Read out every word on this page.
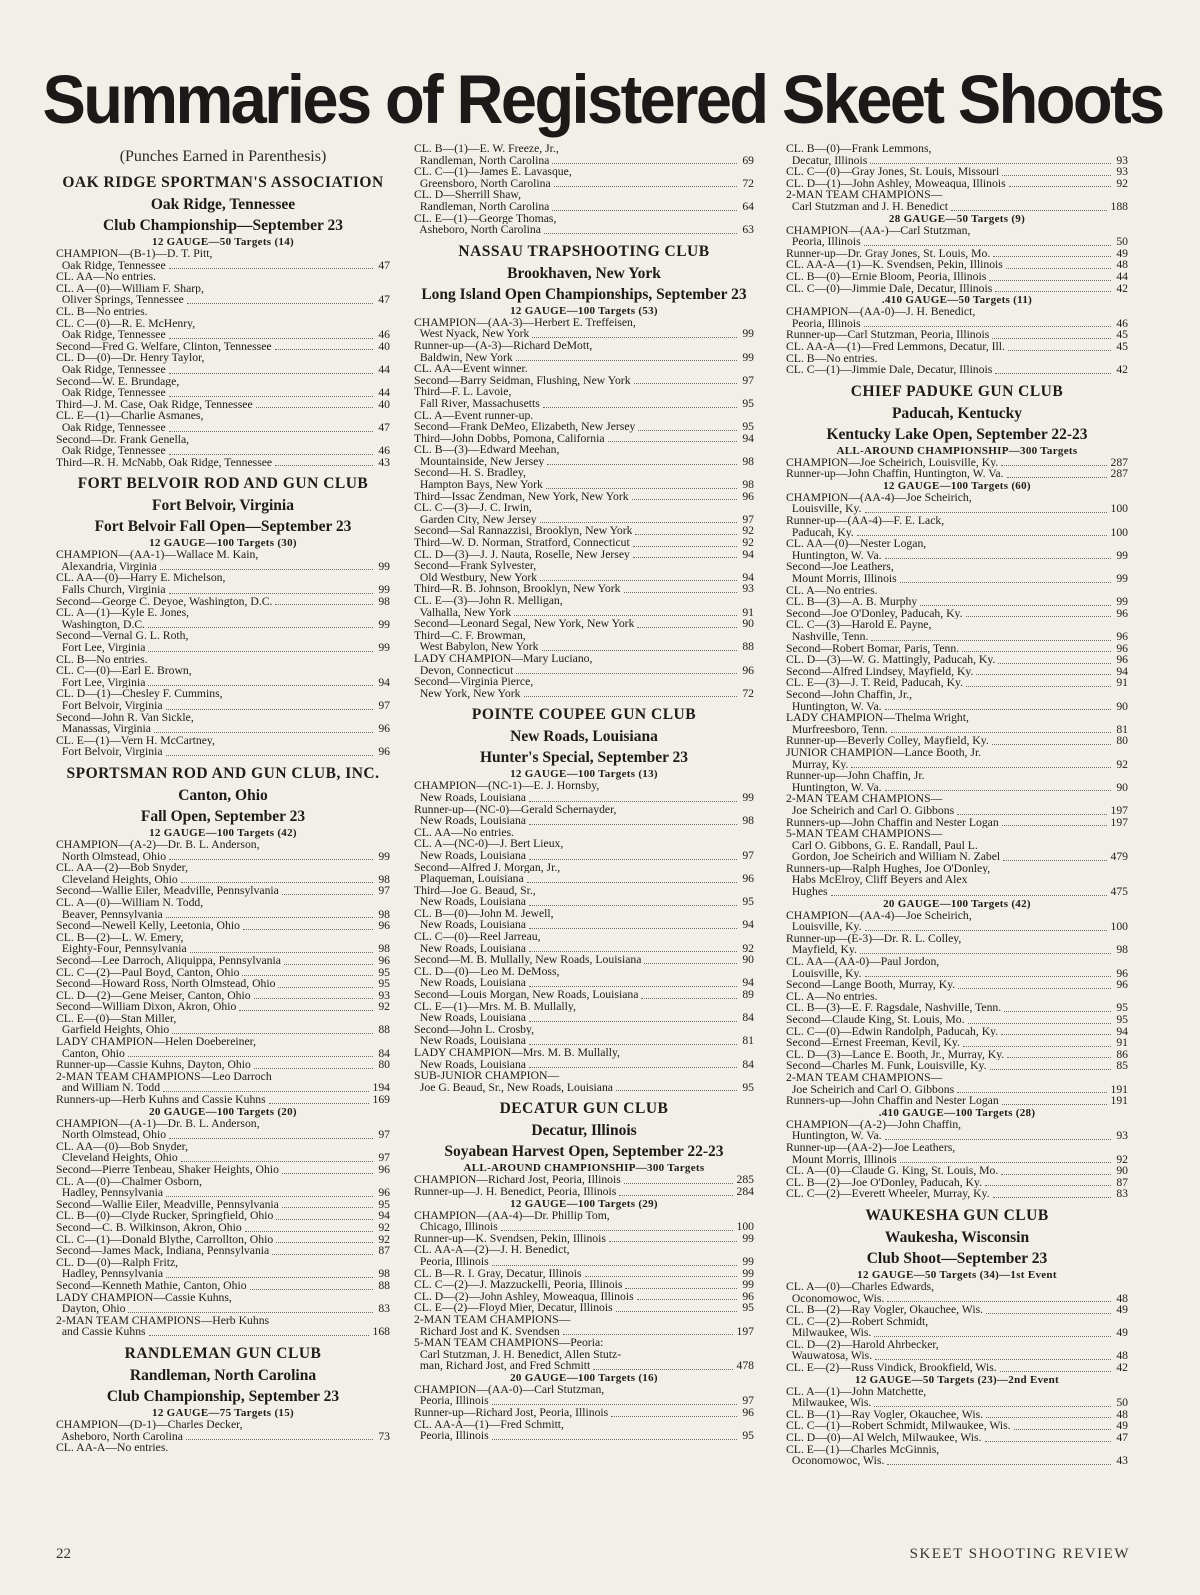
Summaries of Registered Skeet Shoots
(Punches Earned in Parenthesis)
OAK RIDGE SPORTMAN'S ASSOCIATION
Oak Ridge, Tennessee
Club Championship—September 23
12 GAUGE—50 Targets (14)
CHAMPION—(B-1)—D. T. Pitt,
Oak Ridge, Tennessee	47
CL. AA—No entries.
CL. A—(0)—William F. Sharp,
Oliver Springs, Tennessee	47
CL. B—No entries.
CL. C—(0)—R. E. McHenry,
Oak Ridge, Tennessee	46
Second—Fred G. Welfare, Clinton, Tennessee	40
CL. D—(0)—Dr. Henry Taylor,
Oak Ridge, Tennessee	44
Second—W. E. Brundage,
Oak Ridge, Tennessee	44
Third—J. M. Case, Oak Ridge, Tennessee	40
CL. E—(1)—Charlie Asmanes,
Oak Ridge, Tennessee	47
Second—Dr. Frank Genella,
Oak Ridge, Tennessee	46
Third—R. H. McNabb, Oak Ridge, Tennessee	43
FORT BELVOIR ROD AND GUN CLUB
Fort Belvoir, Virginia
Fort Belvoir Fall Open—September 23
12 GAUGE—100 Targets (30)
CHAMPION—(AA-1)—Wallace M. Kain,
Alexandria, Virginia	99
CL. AA—(0)—Harry E. Michelson,
Falls Church, Virginia	99
Second—George C. Deyoe, Washington, D.C.	98
CL. A—(1)—Kyle E. Jones,
Washington, D.C.	99
Second—Vernal G. L. Roth,
Fort Lee, Virginia	99
CL. B—No entries.
CL. C—(0)—Earl E. Brown,
Fort Lee, Virginia	94
CL. D—(1)—Chesley F. Cummins,
Fort Belvoir, Virginia	97
Second—John R. Van Sickle,
Manassas, Virginia	96
CL. E—(1)—Vern H. McCartney,
Fort Belvoir, Virginia	96
SPORTSMAN ROD AND GUN CLUB, INC.
Canton, Ohio
Fall Open, September 23
12 GAUGE—100 Targets (42)
CHAMPION—(A-2)—Dr. B. L. Anderson,
North Olmstead, Ohio	99
CL. AA—(2)—Bob Snyder,
Cleveland Heights, Ohio	98
Second—Wallie Eiler, Meadville, Pennsylvania	97
CL. A—(0)—William N. Todd,
Beaver, Pennsylvania	98
Second—Newell Kelly, Leetonia, Ohio	96
CL. B—(2)—L. W. Emery,
Eighty-Four, Pennsylvania	98
Second—Lee Darroch, Aliquippa, Pennsylvania	96
CL. C—(2)—Paul Boyd, Canton, Ohio	95
Second—Howard Ross, North Olmstead, Ohio	95
CL. D—(2)—Gene Meiser, Canton, Ohio	93
Second—William Dixon, Akron, Ohio	92
CL. E—(0)—Stan Miller,
Garfield Heights, Ohio	88
LADY CHAMPION—Helen Doebereiner,
Canton, Ohio	84
Runner-up—Cassie Kuhns, Dayton, Ohio	80
2-MAN TEAM CHAMPIONS—Leo Darroch
and William N. Todd	194
Runners-up—Herb Kuhns and Cassie Kuhns	169
20 GAUGE—100 Targets (20)
CHAMPION—(A-1)—Dr. B. L. Anderson,
North Olmstead, Ohio	97
CL. AA—(0)—Bob Snyder,
Cleveland Heights, Ohio	97
Second—Pierre Tenbeau, Shaker Heights, Ohio	96
CL. A—(0)—Chalmer Osborn,
Hadley, Pennsylvania	96
Second—Wallie Eiler, Meadville, Pennsylvania	95
CL. B—(0)—Clyde Rucker, Springfield, Ohio	94
Second—C. B. Wilkinson, Akron, Ohio	92
CL. C—(1)—Donald Blythe, Carrollton, Ohio	92
Second—James Mack, Indiana, Pennsylvania	87
CL. D—(0)—Ralph Fritz,
Hadley, Pennsylvania	98
Second—Kenneth Mathie, Canton, Ohio	88
LADY CHAMPION—Cassie Kuhns,
Dayton, Ohio	83
2-MAN TEAM CHAMPIONS—Herb Kuhns
and Cassie Kuhns	168
RANDLEMAN GUN CLUB
Randleman, North Carolina
Club Championship, September 23
12 GAUGE—75 Targets (15)
CHAMPION—(D-1)—Charles Decker,
Asheboro, North Carolina	73
CL. AA-A—No entries.
CL. B—(1)—E. W. Freeze, Jr.,
Randleman, North Carolina	69
CL. C—(1)—James E. Lavasque,
Greensboro, North Carolina	72
CL. D—Sherrill Shaw,
Randleman, North Carolina	64
CL. E—(1)—George Thomas,
Asheboro, North Carolina	63
NASSAU TRAPSHOOTING CLUB
Brookhaven, New York
Long Island Open Championships, September 23
12 GAUGE—100 Targets (53)
CHAMPION—(AA-3)—Herbert E. Treffeisen,
West Nyack, New York	99
Runner-up—(A-3)—Richard DeMott,
Baldwin, New York	99
CL. AA—Event winner.
Second—Barry Seidman, Flushing, New York	97
Third—F. L. Lavoie,
Fall River, Massachusetts	95
CL. A—Event runner-up.
Second—Frank DeMeo, Elizabeth, New Jersey	95
Third—John Dobbs, Pomona, California	94
CL. B—(3)—Edward Meehan,
Mountainside, New Jersey	98
Second—H. S. Bradley,
Hampton Bays, New York	98
Third—Issac Zendman, New York, New York	96
CL. C—(3)—J. C. Irwin,
Garden City, New Jersey	97
Second—Sal Rannazzisi, Brooklyn, New York	92
Third—W. D. Norman, Stratford, Connecticut	92
CL. D—(3)—J. J. Nauta, Roselle, New Jersey	94
Second—Frank Sylvester,
Old Westbury, New York	94
Third—R. B. Johnson, Brooklyn, New York	93
CL. E—(3)—John R. Melligan,
Valhalla, New York	91
Second—Leonard Segal, New York, New York	90
Third—C. F. Browman,
West Babylon, New York	88
LADY CHAMPION—Mary Luciano,
Devon, Connecticut	96
Second—Virginia Pierce,
New York, New York	72
POINTE COUPEE GUN CLUB
New Roads, Louisiana
Hunter's Special, September 23
12 GAUGE—100 Targets (13)
CHAMPION—(NC-1)—E. J. Hornsby,
New Roads, Louisiana	99
Runner-up—(NC-0)—Gerald Schernayder,
New Roads, Louisiana	98
CL. AA—No entries.
CL. A—(NC-0)—J. Bert Lieux,
New Roads, Louisiana	97
Second—Alfred J. Morgan, Jr.,
Plaqueman, Louisiana	96
Third—Joe G. Beaud, Sr.,
New Roads, Louisiana	95
CL. B—(0)—John M. Jewell,
New Roads, Louisiana	94
CL. C—(0)—Reel Jarreau,
New Roads, Louisiana	92
Second—M. B. Mullally, New Roads, Louisiana	90
CL. D—(0)—Leo M. DeMoss,
New Roads, Louisiana	94
Second—Louis Morgan, New Roads, Louisiana	89
CL. E—(1)—Mrs. M. B. Mullally,
New Roads, Louisiana	84
Second—John L. Crosby,
New Roads, Louisiana	81
LADY CHAMPION—Mrs. M. B. Mullally,
New Roads, Louisiana	84
SUB-JUNIOR CHAMPION—
Joe G. Beaud, Sr., New Roads, Louisiana	95
DECATUR GUN CLUB
Decatur, Illinois
Soyabean Harvest Open, September 22-23
ALL-AROUND CHAMPIONSHIP—300 Targets
CHAMPION—Richard Jost, Peoria, Illinois	285
Runner-up—J. H. Benedict, Peoria, Illinois	284
12 GAUGE—100 Targets (29)
CHAMPION—(AA-4)—Dr. Phillip Tom,
Chicago, Illinois	100
Runner-up—K. Svendsen, Pekin, Illinois	99
CL. AA-A—(2)—J. H. Benedict,
Peoria, Illinois	99
CL. B—R. I. Gray, Decatur, Illinois	99
CL. C—(2)—J. Mazzuckelli, Peoria, Illinois	99
CL. D—(2)—John Ashley, Moweaqua, Illinois	96
CL. E—(2)—Floyd Mier, Decatur, Illinois	95
2-MAN TEAM CHAMPIONS—
Richard Jost and K. Svendsen	197
5-MAN TEAM CHAMPIONS—Peoria:
Carl Stutzman, J. H. Benedict, Allen Stutz-
man, Richard Jost, and Fred Schmitt	478
20 GAUGE—100 Targets (16)
CHAMPION—(AA-0)—Carl Stutzman,
Peoria, Illinois	97
Runner-up—Richard Jost, Peoria, Illinois	96
CL. AA-A—(1)—Fred Schmitt,
Peoria, Illinois	95
CL. B—(0)—Frank Lemmons,
Decatur, Illinois	93
CL. C—(0)—Gray Jones, St. Louis, Missouri	93
CL. D—(1)—John Ashley, Moweaqua, Illinois	92
2-MAN TEAM CHAMPIONS—
Carl Stutzman and J. H. Benedict	188
28 GAUGE—50 Targets (9)
CHAMPION—(AA-)—Carl Stutzman,
Peoria, Illinois	50
Runner-up—Dr. Gray Jones, St. Louis, Mo.	49
CL. AA-A—(1)—K. Svendsen, Pekin, Illinois	48
CL. B—(0)—Ernie Bloom, Peoria, Illinois	44
CL. C—(0)—Jimmie Dale, Decatur, Illinois	42
.410 GAUGE—50 Targets (11)
CHAMPION—(AA-0)—J. H. Benedict,
Peoria, Illinois	46
Runner-up—Carl Stutzman, Peoria, Illinois	45
CL. AA-A—(1)—Fred Lemmons, Decatur, Ill.	45
CL. B—No entries.
CL. C—(1)—Jimmie Dale, Decatur, Illinois	42
CHIEF PADUKE GUN CLUB
Paducah, Kentucky
Kentucky Lake Open, September 22-23
ALL-AROUND CHAMPIONSHIP—300 Targets
CHAMPION—Joe Scheirich, Louisville, Ky.	287
Runner-up—John Chaffin, Huntington, W. Va.	287
12 GAUGE—100 Targets (60)
CHAMPION—(AA-4)—Joe Scheirich,
Louisville, Ky.	100
Runner-up—(AA-4)—F. E. Lack,
Paducah, Ky.	100
CL. AA—(0)—Nester Logan,
Huntington, W. Va.	99
Second—Joe Leathers,
Mount Morris, Illinois	99
CL. A—No entries.
CL. B—(3)—A. B. Murphy	99
Second—Joe O'Donley, Paducah, Ky.	96
CL. C—(3)—Harold E. Payne,
Nashville, Tenn.	96
Second—Robert Bomar, Paris, Tenn.	96
CL. D—(3)—W. G. Mattingly, Paducah, Ky.	96
Second—Alfred Lindsey, Mayfield, Ky.	94
CL. E—(3)—J. T. Reid, Paducah, Ky.	91
Second—John Chaffin, Jr.,
Huntington, W. Va.	90
LADY CHAMPION—Thelma Wright,
Murfreesboro, Tenn.	81
Runner-up—Beverly Colley, Mayfield, Ky.	80
JUNIOR CHAMPION—Lance Booth, Jr.
Murray, Ky.	92
Runner-up—John Chaffin, Jr.
Huntington, W. Va.	90
2-MAN TEAM CHAMPIONS—
Joe Scheirich and Carl O. Gibbons	197
Runners-up—John Chaffin and Nester Logan	197
5-MAN TEAM CHAMPIONS—
Carl O. Gibbons, G. E. Randall, Paul L.
Gordon, Joe Scheirich and William N. Zabel	479
Runners-up—Ralph Hughes, Joe O'Donley,
Habs McElroy, Cliff Beyers and Alex
Hughes	475
20 GAUGE—100 Targets (42)
CHAMPION—(AA-4)—Joe Scheirich,
Louisville, Ky.	100
Runner-up—(E-3)—Dr. R. L. Colley,
Mayfield, Ky.	98
CL. AA—(AA-0)—Paul Jordon,
Louisville, Ky.	96
Second—Lange Booth, Murray, Ky.	96
CL. A—No entries.
CL. B—(3)—E. F. Ragsdale, Nashville, Tenn.	95
Second—Claude King, St. Louis, Mo.	95
CL. C—(0)—Edwin Randolph, Paducah, Ky.	94
Second—Ernest Freeman, Kevil, Ky.	91
CL. D—(3)—Lance E. Booth, Jr., Murray, Ky.	86
Second—Charles M. Funk, Louisville, Ky.	85
2-MAN TEAM CHAMPIONS—
Joe Scheirich and Carl O. Gibbons	191
Runners-up—John Chaffin and Nester Logan	191
.410 GAUGE—100 Targets (28)
CHAMPION—(A-2)—John Chaffin,
Huntington, W. Va.	93
Runner-up—(AA-2)—Joe Leathers,
Mount Morris, Illinois	92
CL. A—(0)—Claude G. King, St. Louis, Mo.	90
CL. B—(2)—Joe O'Donley, Paducah, Ky.	87
CL. C—(2)—Everett Wheeler, Murray, Ky.	83
WAUKESHA GUN CLUB
Waukesha, Wisconsin
Club Shoot—September 23
12 GAUGE—50 Targets (34)—1st Event
CL. A—(0)—Charles Edwards,
Oconomowoc, Wis.	48
CL. B—(2)—Ray Vogler, Okauchee, Wis.	49
CL. C—(2)—Robert Schmidt,
Milwaukee, Wis.	49
CL. D—(2)—Harold Ahrbecker,
Wauwatosa, Wis.	48
CL. E—(2)—Russ Vindick, Brookfield, Wis.	42
12 GAUGE—50 Targets (23)—2nd Event
CL. A—(1)—John Matchette,
Milwaukee, Wis.	50
CL. B—(1)—Ray Vogler, Okauchee, Wis.	48
CL. C—(1)—Robert Schmidt, Milwaukee, Wis.	49
CL. D—(0)—Al Welch, Milwaukee, Wis.	47
CL. E—(1)—Charles McGinnis,
Oconomowoc, Wis.	43
22	SKEET SHOOTING REVIEW
